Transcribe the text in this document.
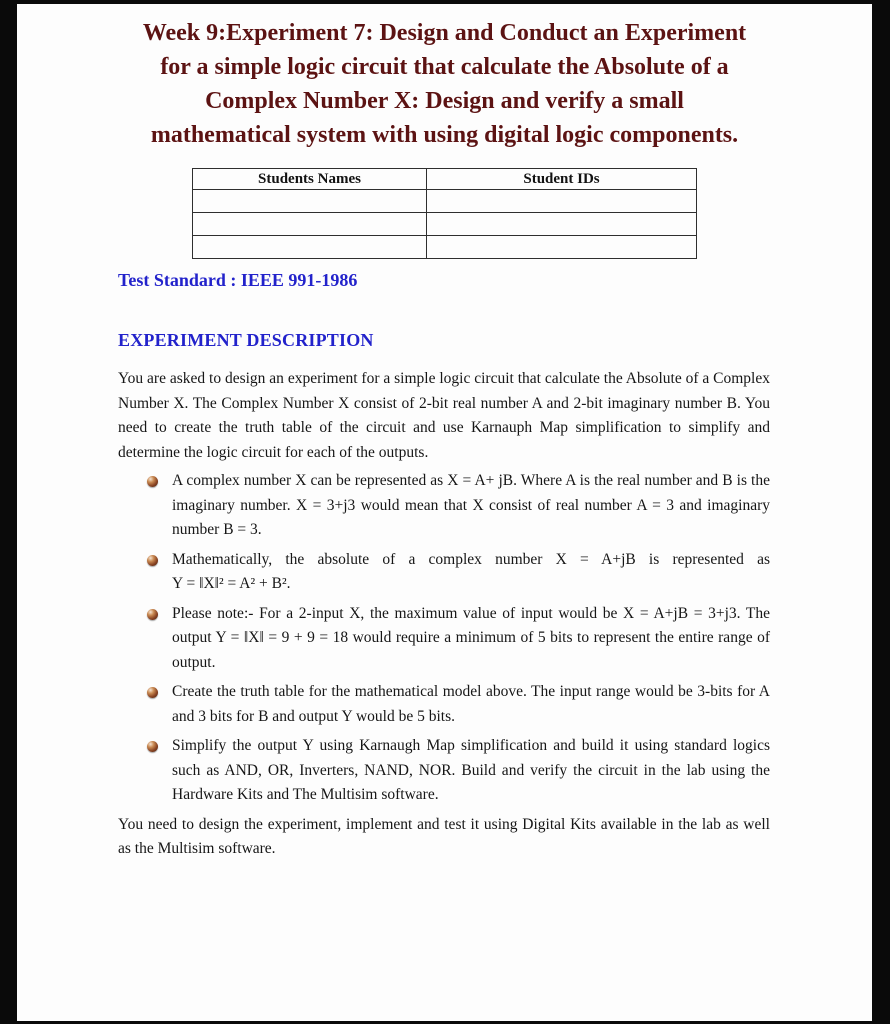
Week 9:Experiment 7: Design and Conduct an Experiment
for a simple logic circuit that calculate the Absolute of a
Complex Number X: Design and verify a small
mathematical system with using digital logic components.
Students Names	Student IDs

Test Standard : IEEE 991-1986
EXPERIMENT DESCRIPTION

You are asked to design an experiment for a simple logic circuit that calculate the Absolute of a Complex Number X. The Complex Number X consist of 2-bit real number A and 2-bit imaginary number B. You need to create the truth table of the circuit and use Karnauph Map simplification to simplify and determine the logic circuit for each of the outputs.

A complex number X can be represented as X = A+ jB. Where A is the real number and B is the imaginary number. X = 3+j3 would mean that X consist of real number A = 3 and imaginary number B = 3.
Mathematically, the absolute of a complex number X = A+jB is represented as Y = ‖X‖² = A² + B².
Please note:- For a 2-input X, the maximum value of input would be X = A+jB = 3+j3. The output Y = ‖X‖ = 9 + 9 = 18 would require a minimum of 5 bits to represent the entire range of output.
Create the truth table for the mathematical model above. The input range would be 3-bits for A and 3 bits for B and output Y would be 5 bits.
Simplify the output Y using Karnaugh Map simplification and build it using standard logics such as AND, OR, Inverters, NAND, NOR. Build and verify the circuit in the lab using the Hardware Kits and The Multisim software.

You need to design the experiment, implement and test it using Digital Kits available in the lab as well as the Multisim software.
